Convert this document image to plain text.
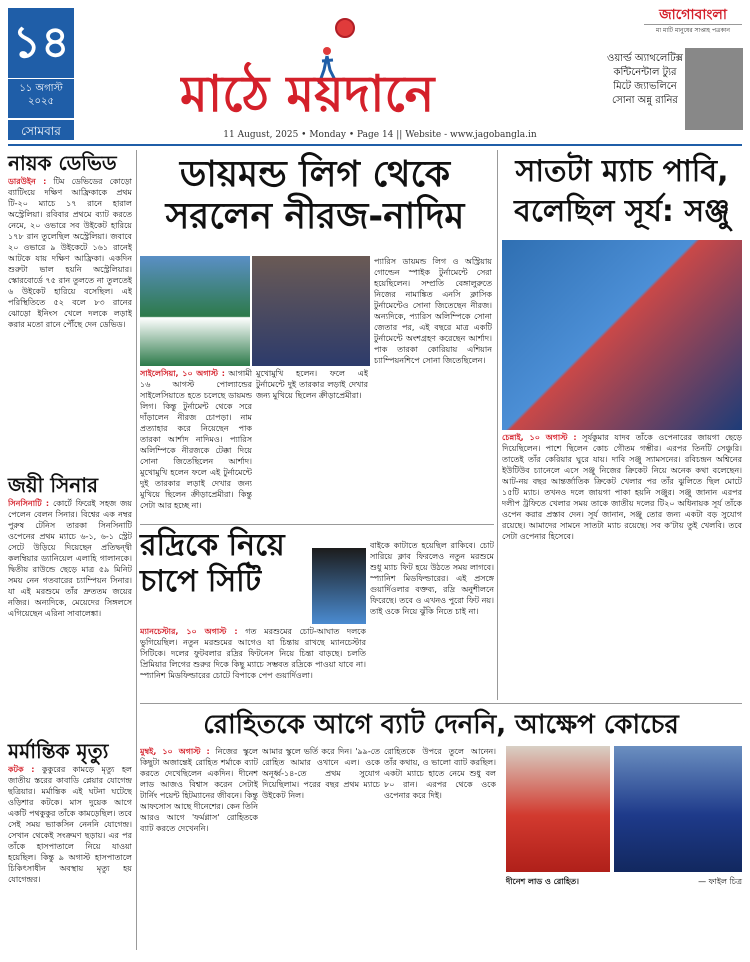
১৪
১১ অগাস্ট
২০২৫
সোমবার
মাঠে ময়দানে
জাগোবাংলা
মা মাটি মানুষের সাপ্তাহ পত্রকান
ওয়ার্ল্ড অ্যাথলেটিক্স কন্টিনেন্টাল ট্যুর মিটে জ্যাভলিনে সোনা অন্নু রানির
11 August, 2025 • Monday • Page 14 || Website - www.jagobangla.in
নায়ক ডেভিড
ডারউইন : টিম ডেভিডের কোড়ো ব্যাটিংয়ে দক্ষিণ আফ্রিকাকে প্রথম টি-২০ ম্যাচে ১৭ রানে হারাল অস্ট্রেলিয়া। রবিবার প্রথমে ব্যাট করতে নেমে, ২০ ওভারে সব উইকেট হারিয়ে ১৭৮ রান তুলেছিল অস্ট্রেলিয়া। জবাবে ২০ ওভারে ৯ উইকেটে ১৬১ রানেই আটকে যায় দক্ষিণ আফ্রিকা। একদিন শুরুটা ভাল হয়নি অস্ট্রেলিয়ার। স্কোরবোর্ডে ৭৫ রান তুলতে না তুলতেই ৬ উইকেট হারিয়ে বসেছিল। এই পরিস্থিতিতে ৫২ বলে ৮৩ রানের ঝোড়ো ইনিংস খেলে দলকে লড়াই করার মতো রানে পৌঁছে দেন ডেভিড।
জয়ী সিনার
সিনসিনাটি : কোর্টে ফিরেই সহজ জয় পেলেন বেলন সিনার। বিশ্বের এক নম্বর পুরুষ টেনিস তারকা সিনসিনাটি ওপেনের প্রথম ম্যাচে ৬-১, ৬-১ স্ট্রেট সেটে উড়িয়ে দিয়েছেন প্রতিদ্বন্দ্বী কলম্বিয়ার ড্যানিয়েল এলাহি গালানকে। দ্বিতীয় রাউন্ডে ছেড়ে মাত্র ৫৯ মিনিট সময় নেন গতবারের চ্যাম্পিয়ন সিনার। যা এই মরশুমে তাঁর দ্রুততম জয়ের নজির। অন্যদিকে, মেয়েদের সিঙ্গলসে এগিয়েছেন এরিনা সাবালেঙ্কা।
মর্মান্তিক মৃত্যু
কটক : কুকুরের কামড়ে মৃত্যু হল জাতীয় স্তরের কাবাডি প্লেয়ার যোগেন্দ্র ছত্রিয়ার। মর্মান্তিক এই ঘটনা ঘটেছে ওড়িশার কটকে। মাস দুয়েক আগে একটি পথকুকুর তাঁকে কামড়েছিল। তবে সেই সময় ভ্যাকসিন নেননি যোগেন্দ্র। সেখান থেকেই সংক্রমণ ছড়ায়। এর পর তাঁকে হাসপাতালে নিয়ে যাওয়া হয়েছিল। কিন্তু ৯ অগাস্ট হাসপাতালে চিকিৎসাধীন অবস্থায় মৃত্যু হয় যোগেন্দ্রর।
ডায়মন্ড লিগ থেকে সরলেন নীরজ-নাদিম
সাইলেসিয়া, ১০ অগাস্ট : আগামী ১৬ আগস্ট পোল্যান্ডের সাইলেসিয়াতে হতে চলেছে ডায়মন্ড লিগ। কিন্তু টুর্নামেন্ট থেকে সরে দাঁড়ালেন নীরজ চোপড়া। নাম প্রত্যাহার করে নিয়েছেন পাক তারকা আর্শাদ নাদিমও। প্যারিস অলিম্পিকে নীরজকে টেক্কা দিয়ে সোনা জিতেছিলেন আর্শাদ। মুখোমুখি হলেন ফলে এই টুর্নামেন্টে দুই তারকার লড়াই দেখার জন্য মুখিয়ে ছিলেন ক্রীড়াপ্রেমীরা। কিন্তু সেটা আর হচ্ছে না।
মুখোমুখি হলেন। ফলে এই টুর্নামেন্টে দুই তারকার লড়াই দেখার জন্য মুখিয়ে ছিলেন ক্রীড়াপ্রেমীরা।
প্যারিস ডায়মন্ড লিগ ও অস্ট্রিয়ায় গোল্ডেন স্পাইক টুর্নামেন্টে সেরা হয়েছিলেন। সম্প্রতি বেঙ্গালুরুতে নিজের নামাঙ্কিত এনসি ক্লাসিক টুর্নামেন্টেও সোনা জিতেছেন নীরজ। অন্যদিকে, প্যারিস অলিম্পিকে সোনা জেতার পর, এই বছরে মাত্র একটি টুর্নামেন্টে অংশগ্রহণ করেছেন আর্শাদ। পাক তারকা কোরিয়ায় এশিয়ান চ্যাম্পিয়নশিপে সোনা জিতেছিলেন।
রদ্রিকে নিয়ে চাপে সিটি
ম্যানচেস্টার, ১০ অগাস্ট : গত মরশুমের চোট-আঘাত দলকে ভুগিয়েছিল। নতুন মরশুমের আগেও যা চিন্তায় রাখছে ম্যানচেস্টার সিটিকে। দলের ফুটবলার রদ্রির ফিটনেস নিয়ে চিন্তা বাড়ছে। চলতি প্রিমিয়ার লিগের শুরুর দিকে কিছু ম্যাচে সম্ভবত রদ্রিকে পাওয়া যাবে না। স্প্যানিশ মিডফিল্ডারের চোটে বিপাকে পেপ গুয়ার্দিওলা।
বাইকে কাটাতে হয়েছিল রাকিবে। চোট সারিয়ে ক্লাব ফিরলেও নতুন মরশুমে শুধু ম্যাচ ফিট হয়ে উঠতে সময় লাগবে। স্প্যানিশ মিডফিল্ডারের। এই প্রসঙ্গে গুয়ার্দিওলার বক্তব্য, রদ্রি অনুশীলনে ফিরেছে। তবে ও এখনও পুরো ফিট নয়। তাই ওকে নিয়ে ঝুঁকি নিতে চাই না।
সাতটা ম্যাচ পাবি, বলেছিল সূর্য: সঞ্জু
চেন্নাই, ১০ অগাস্ট : সূর্যকুমার যাদব তাঁকে ওপেনারের জায়গা ছেড়ে দিয়েছিলেন। পাশে ছিলেন কোচ গৌতম গম্ভীর। এরপর তিনটি সেঞ্চুরি। তাতেই তাঁর কেরিয়ার ঘুরে যায়। দাবি সঞ্জু স্যামসনের। রবিচন্দ্রন অশ্বিনের ইউটিউব চ্যানেলে এসে সঞ্জু নিজের ক্রিকেট নিয়ে অনেক কথা বলেছেন। আট-নয় বছর আন্তর্জাতিক ক্রিকেট খেলার পর তাঁর ঝুলিতে ছিল মোটে ১৫টি ম্যাচ। তখনও দলে জায়গা পাকা হয়নি সঞ্জুর। সঞ্জু জানান এরপর দলীপ ট্রফিতে খেলার সময় তাকে জাতীয় দলের টি২০ অধিনায়ক সূর্য তাঁকে ওপেন করার প্রস্তাব দেন। সূর্য জানান, সঞ্জু তোর জন্য একটা বড় সুযোগ রয়েছে। আমাদের সামনে সাতটা ম্যাচ রয়েছে। সব ক'টায় তুই খেলবি। তবে সেটা ওপেনার হিসেবে।
রোহিতকে আগে ব্যাট দেননি, আক্ষেপ কোচের
মুম্বই, ১০ অগাস্ট : নিজের স্কুলে কিছুটা অজান্তেই রোহিত শর্মাকে ব্যাট করতে দেখেছিলেন একদিন। দীনেশ লাড আজও বিশ্বাস করেন সেটাই টার্নিং পয়েন্ট হিটম্যানের জীবনে। কিন্তু আফসোস আছে দীনেশের। কেন তিনি আরও আগে 'ফর্মগ্লাস' রোহিতকে ব্যাট করতে দেখেননি।
আমার স্কুলে ভর্তি করে দিন। '৯৯-তে রোহিত আমার ওখানে এল। ওকে অনূর্ধ্ব-১৪-তে প্রথম সুযোগ দিয়েছিলাম। পরের বছর প্রথম ম্যাচে উইকেট নিল।
রোহিতকে উপরে তুলে আনেন। তাঁর কথায়, ও ভালো ব্যাট করছিল। একটা ম্যাচে হাতে নেমে শুধু বল ৮০ রান। এরপর থেকে ওকে ওপেনার করে দিই।
দীনেশ লাড ও রোহিত।	— ফাইল চিত্র
